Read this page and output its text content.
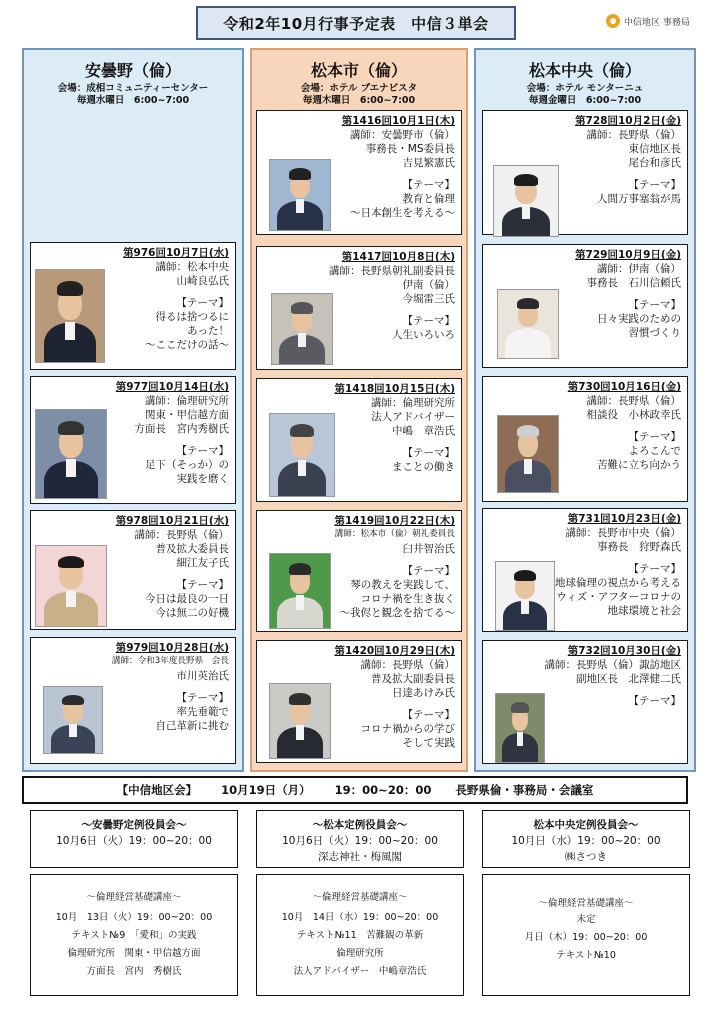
令和2年10月行事予定表　中信３単会	中信地区 事務局
安曇野（倫）
会場：成相コミュニティーセンター
毎週水曜日　6:00~7:00
松本市（倫）
会場：ホテル ブエナビスタ
毎週木曜日　6:00~7:00
松本中央（倫）
会場：ホテル モンターニュ
毎週金曜日　6:00~7:00
第976回10月7日(水)
講師：松本中央
山崎良弘氏
【テーマ】
得るは捨つるに
あった！
～ここだけの話～
第977回10月14日(水)
講師：倫理研究所
関東・甲信越方面
方面長　宮内秀樹氏
【テーマ】
足下（そっか）の
実践を磨く
第978回10月21日(水)
講師：長野県（倫）
普及拡大委員長
細江友子氏
【テーマ】
今日は最良の一日
今は無二の好機
第979回10月28日(水)
講師：令和3年度長野県　会長
市川英治氏
【テーマ】
率先垂範で
自己革新に挑む
第1416回10月1日(木)
講師：安曇野市（倫）
事務長・MS委員長
吉見繁憲氏
【テーマ】
教育と倫理
～日本創生を考える～
第1417回10月8日(木)
講師：長野県朝礼副委員長
伊南（倫）
今堀雷三氏
【テーマ】
人生いろいろ
第1418回10月15日(木)
講師：倫理研究所
法人アドバイザー
中嶋　章浩氏
【テーマ】
まことの働き
第1419回10月22日(木)
講師：松本市（倫）朝礼委員長
臼井智治氏
【テーマ】
琴の教えを実践して、
コロナ禍を生き抜く
～我侭と観念を捨てる～
第1420回10月29日(木)
講師：長野県（倫）
普及拡大副委員長
日達あけみ氏
【テーマ】
コロナ禍からの学び
そして実践
第728回10月2日(金)
講師：長野県（倫）
東信地区長
尾台和彦氏
【テーマ】
人間万事塞翁が馬
第729回10月9日(金)
講師：伊南（倫）
事務長　石川信頼氏
【テーマ】
日々実践のための
習慣づくり
第730回10月16日(金)
講師：長野県（倫）
相談役　小林政幸氏
【テーマ】
よろこんで
苦難に立ち向かう
第731回10月23日(金)
講師：長野市中央（倫）
事務長　狩野森氏
【テーマ】
地球倫理の視点から考える
ウィズ・アフターコロナの
地球環境と社会
第732回10月30日(金)
講師：長野県（倫）諏訪地区
副地区長　北澤健二氏
【テーマ】
【中信地区会】 10月19日（月） 19：00~20：00 長野県倫・事務局・会議室
～安曇野定例役員会～
10月6日（火）19：00~20：00
～松本定例役員会～
10月6日（火）19：00~20：00
深志神社・梅風閣
松本中央定例役員会～
10月日（水）19：00~20：00
㈱さつき
～倫理経営基礎講座～
10月　13日（火）19：00~20：00
テキスト№9　「愛和」の実践
倫理研究所　関東・甲信越方面
方面長　宮内　秀樹氏
～倫理経営基礎講座～
10月　14日（水）19：00~20：00
テキスト№11　苦難観の革新
倫理研究所
法人アドバイザー　中嶋章浩氏
～倫理経営基礎講座～
未定
月日（木）19：00~20：00
テキスト№10
